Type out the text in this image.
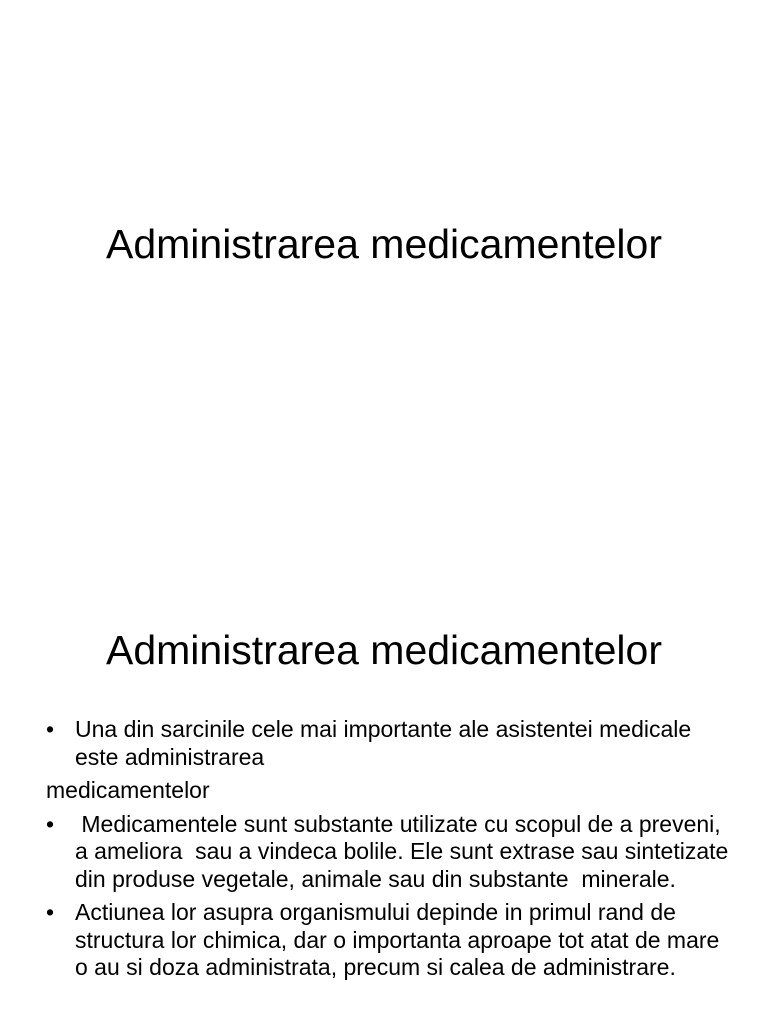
Administrarea medicamentelor
Administrarea medicamentelor
• Una din sarcinile cele mai importante ale asistentei medicale este administrarea
medicamentelor
• Medicamentele sunt substante utilizate cu scopul de a preveni, a ameliora  sau a vindeca bolile. Ele sunt extrase sau sintetizate din produse vegetale, animale sau din substante  minerale.
• Actiunea lor asupra organismului depinde in primul rand de structura lor chimica, dar o importanta aproape tot atat de mare o au si doza administrata, precum si calea de administrare.
